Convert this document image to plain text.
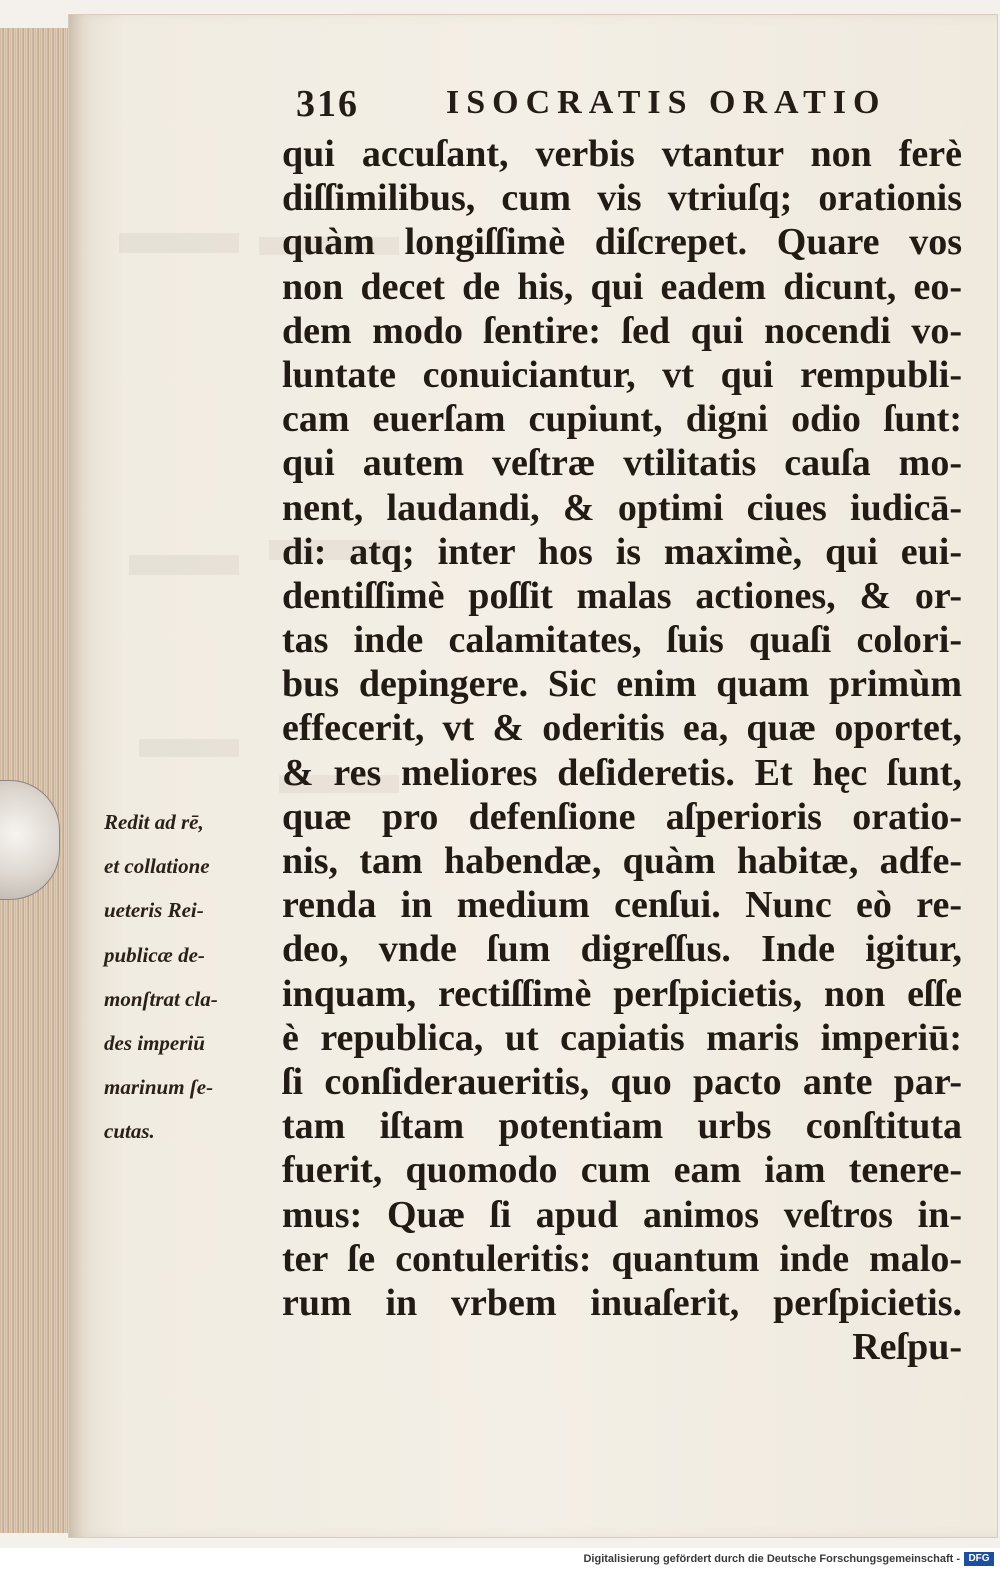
316	ISOCRATIS ORATIO
qui accuſant, verbis vtantur non ferè
diſſimilibus, cum vis vtriuſq; orationis
quàm longiſſimè diſcrepet. Quare vos
non decet de his, qui eadem dicunt, eo-
dem modo ſentire: ſed qui nocendi vo-
luntate conuiciantur, vt qui rempubli-
cam euerſam cupiunt, digni odio ſunt:
qui autem veſtræ vtilitatis cauſa mo-
nent, laudandi, & optimi ciues iudicā-
di: atq; inter hos is maximè, qui eui-
dentiſſimè poſſit malas actiones, & or-
tas inde calamitates, ſuis quaſi colori-
bus depingere. Sic enim quam primùm
effecerit, vt & oderitis ea, quæ oportet,
& res meliores deſideretis. Et hęc ſunt,
quæ pro defenſione aſperioris oratio-
nis, tam habendæ, quàm habitæ, adfe-
renda in medium cenſui. Nunc eò re-
deo, vnde ſum digreſſus. Inde igitur,
inquam, rectiſſimè perſpicietis, non eſſe
è republica, ut capiatis maris imperiū:
ſi conſideraueritis, quo pacto ante par-
tam iſtam potentiam urbs conſtituta
fuerit, quomodo cum eam iam tenere-
mus: Quæ ſi apud animos veſtros in-
ter ſe contuleritis: quantum inde malo-
rum in vrbem inuaſerit, perſpicietis.
Reſpu-
Redit ad rē,
et collatione
ueteris Rei-
publicæ de-
monſtrat cla-
des imperiū
marinum ſe-
cutas.
Digitalisierung gefördert durch die Deutsche Forschungsgemeinschaft - DFG
